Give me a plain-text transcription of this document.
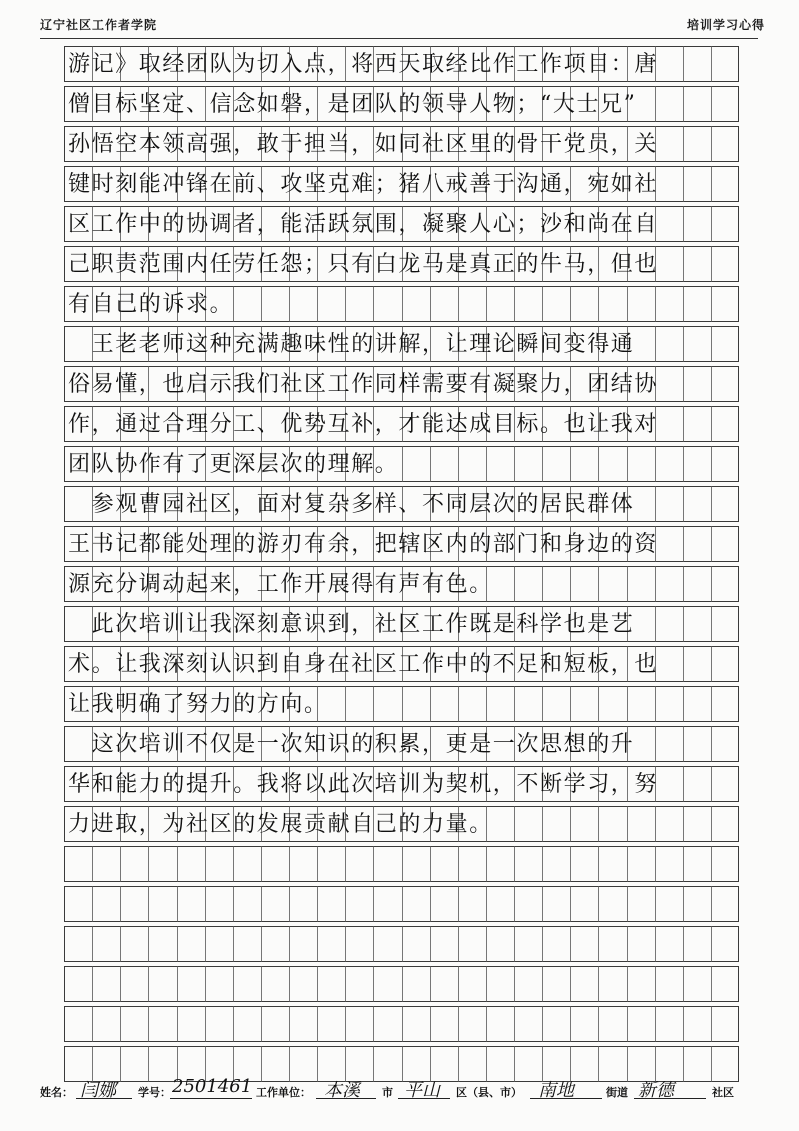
辽宁社区工作者学院	培训学习心得
游记》取经团队为切入点，将西天取经比作工作项目：唐
僧目标坚定、信念如磐，是团队的领导人物；“大士兄”
孙悟空本领高强，敢于担当，如同社区里的骨干党员，关
键时刻能冲锋在前、攻坚克难；猪八戒善于沟通，宛如社
区工作中的协调者，能活跃氛围，凝聚人心；沙和尚在自
己职责范围内任劳任怨；只有白龙马是真正的牛马，但也
有自己的诉求。
　王老老师这种充满趣味性的讲解，让理论瞬间变得通
俗易懂，也启示我们社区工作同样需要有凝聚力，团结协
作，通过合理分工、优势互补，才能达成目标。也让我对
团队协作有了更深层次的理解。
　参观曹园社区，面对复杂多样、不同层次的居民群体
王书记都能处理的游刃有余，把辖区内的部门和身边的资
源充分调动起来，工作开展得有声有色。
　此次培训让我深刻意识到，社区工作既是科学也是艺
术。让我深刻认识到自身在社区工作中的不足和短板，也
让我明确了努力的方向。
　这次培训不仅是一次知识的积累，更是一次思想的升
华和能力的提升。我将以此次培训为契机，不断学习，努
力进取，为社区的发展贡献自己的力量。
姓名： 闫娜 学号： 2501461 工作单位： 本溪 市 平山 区（县、市） 南地	街道 新德	社区
